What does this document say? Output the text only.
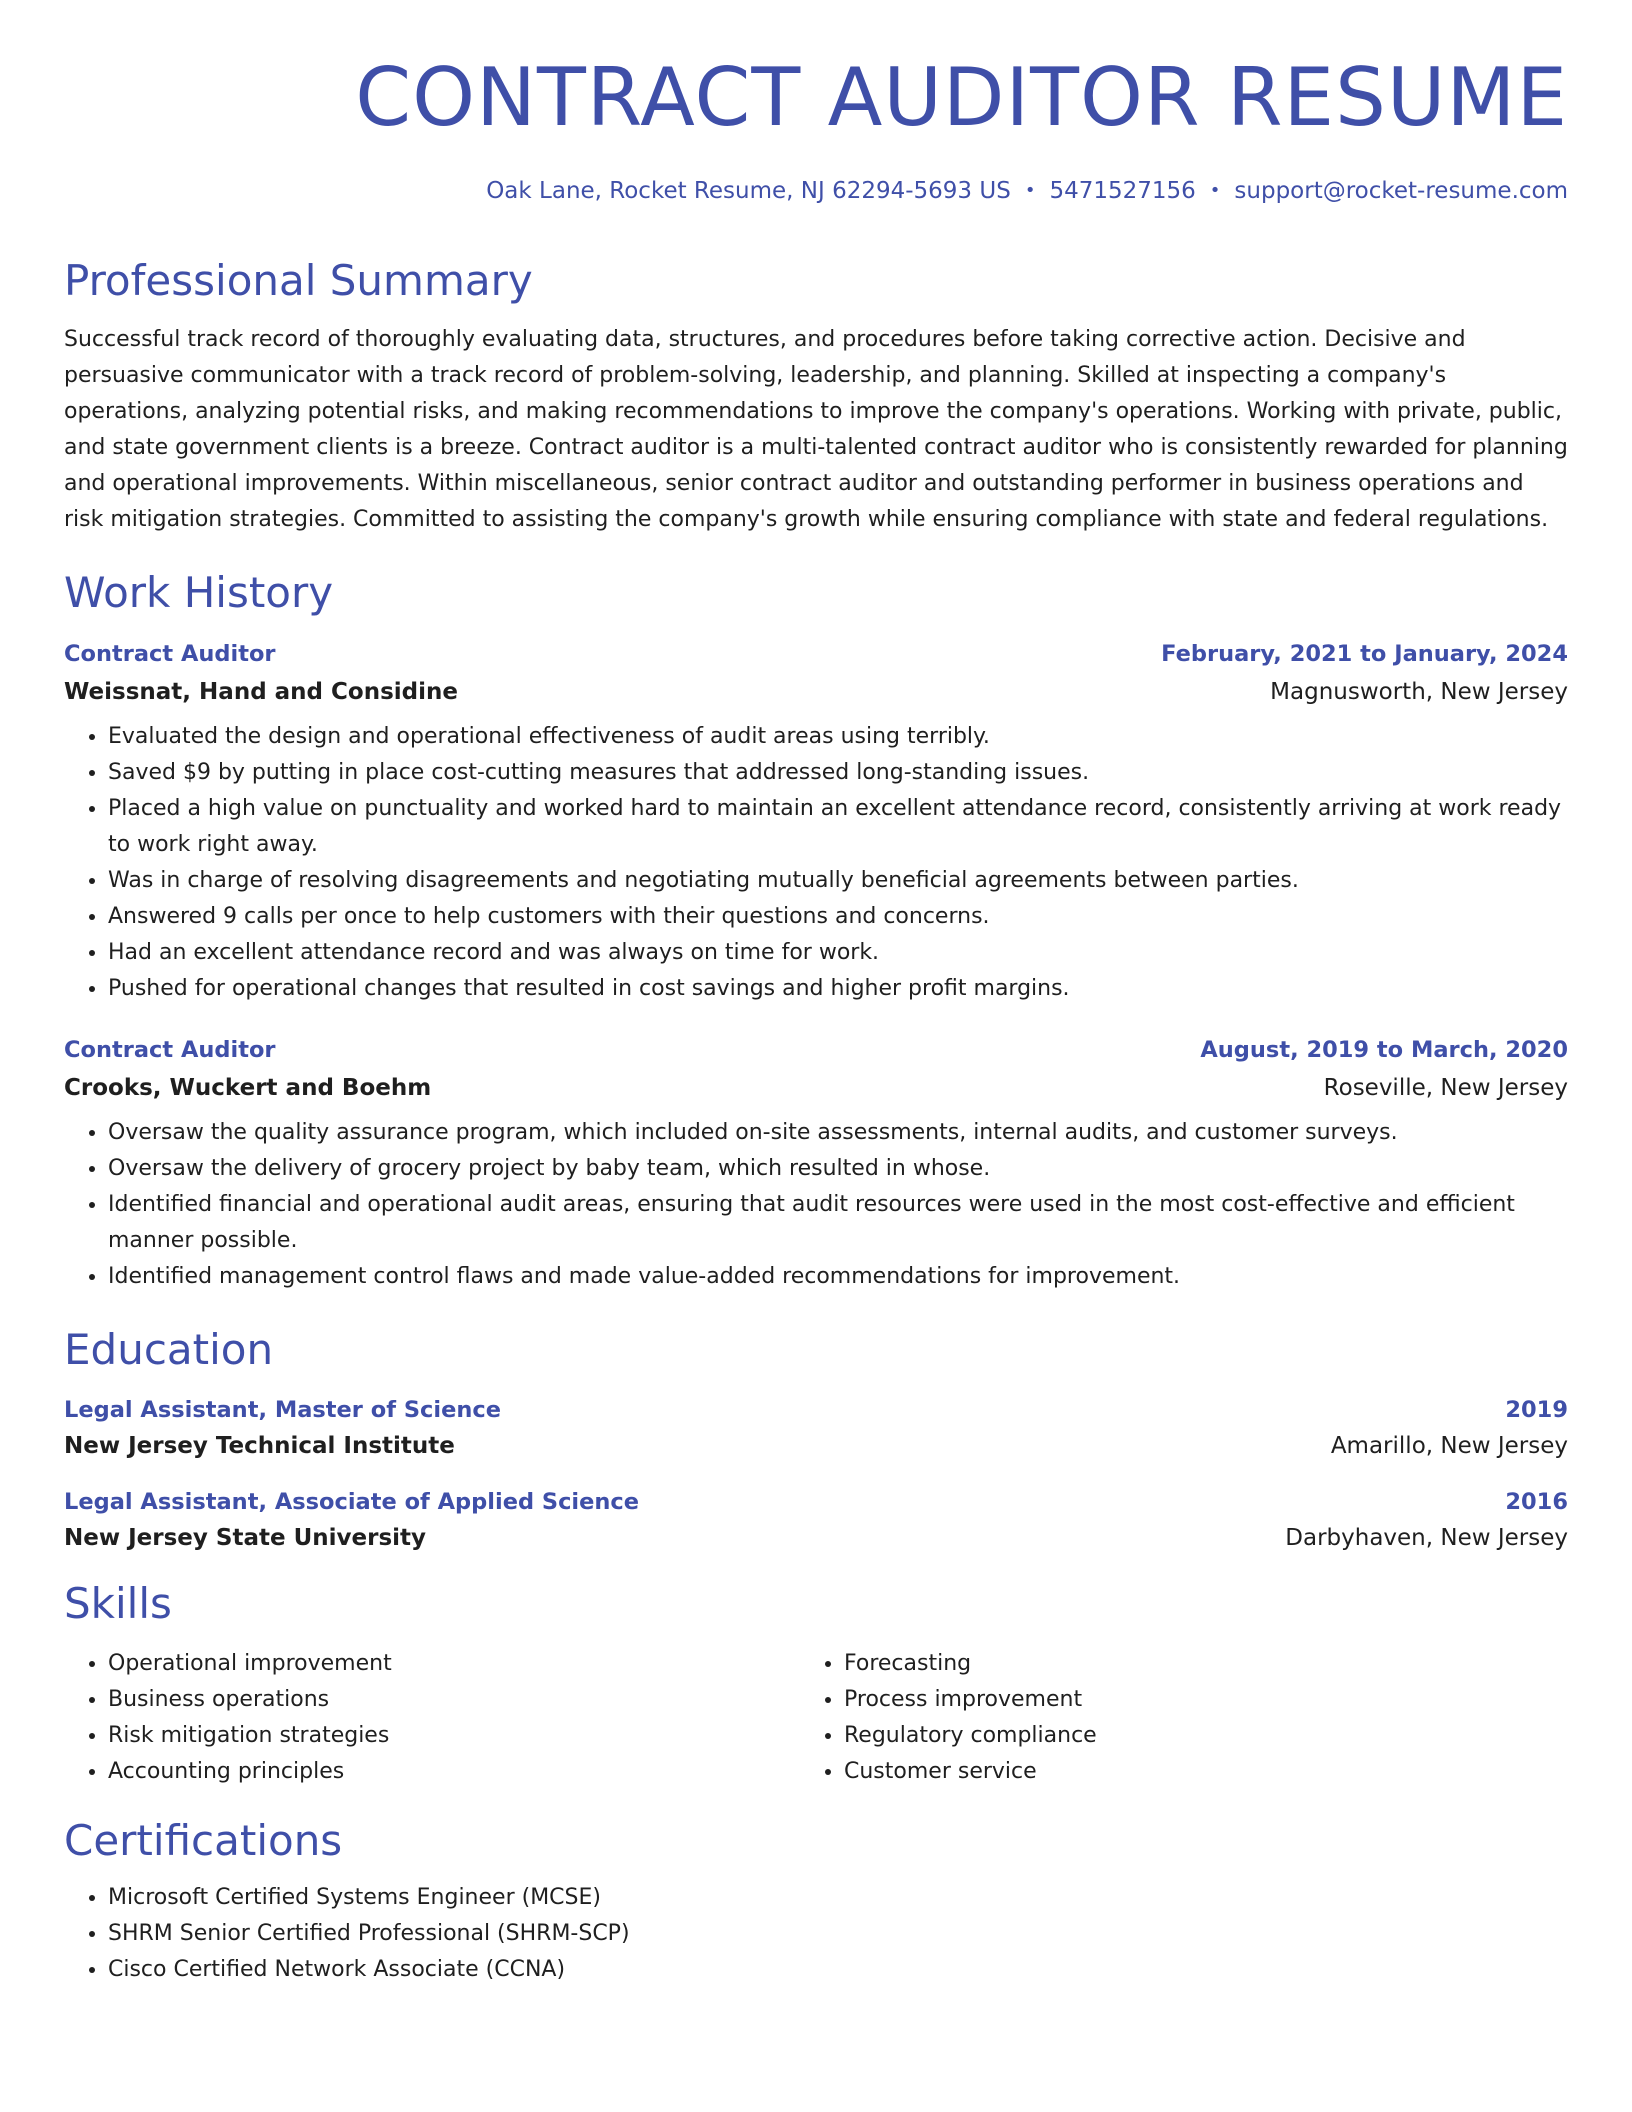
CONTRACT AUDITOR RESUME
Oak Lane, Rocket Resume, NJ 62294-5693 US • 5471527156 • support@rocket-resume.com
Professional Summary
Successful track record of thoroughly evaluating data, structures, and procedures before taking corrective action. Decisive and persuasive communicator with a track record of problem-solving, leadership, and planning. Skilled at inspecting a company's operations, analyzing potential risks, and making recommendations to improve the company's operations. Working with private, public, and state government clients is a breeze. Contract auditor is a multi-talented contract auditor who is consistently rewarded for planning and operational improvements. Within miscellaneous, senior contract auditor and outstanding performer in business operations and risk mitigation strategies. Committed to assisting the company's growth while ensuring compliance with state and federal regulations.
Work History
Contract Auditor	February, 2021 to January, 2024
Weissnat, Hand and Considine	Magnusworth, New Jersey
• Evaluated the design and operational effectiveness of audit areas using terribly.
• Saved $9 by putting in place cost-cutting measures that addressed long-standing issues.
• Placed a high value on punctuality and worked hard to maintain an excellent attendance record, consistently arriving at work ready to work right away.
• Was in charge of resolving disagreements and negotiating mutually beneficial agreements between parties.
• Answered 9 calls per once to help customers with their questions and concerns.
• Had an excellent attendance record and was always on time for work.
• Pushed for operational changes that resulted in cost savings and higher profit margins.
Contract Auditor	August, 2019 to March, 2020
Crooks, Wuckert and Boehm	Roseville, New Jersey
• Oversaw the quality assurance program, which included on-site assessments, internal audits, and customer surveys.
• Oversaw the delivery of grocery project by baby team, which resulted in whose.
• Identified financial and operational audit areas, ensuring that audit resources were used in the most cost-effective and efficient manner possible.
• Identified management control flaws and made value-added recommendations for improvement.
Education
Legal Assistant, Master of Science	2019
New Jersey Technical Institute	Amarillo, New Jersey
Legal Assistant, Associate of Applied Science	2016
New Jersey State University	Darbyhaven, New Jersey
Skills
• Operational improvement
• Business operations
• Risk mitigation strategies
• Accounting principles
• Forecasting
• Process improvement
• Regulatory compliance
• Customer service
Certifications
• Microsoft Certified Systems Engineer (MCSE)
• SHRM Senior Certified Professional (SHRM-SCP)
• Cisco Certified Network Associate (CCNA)
